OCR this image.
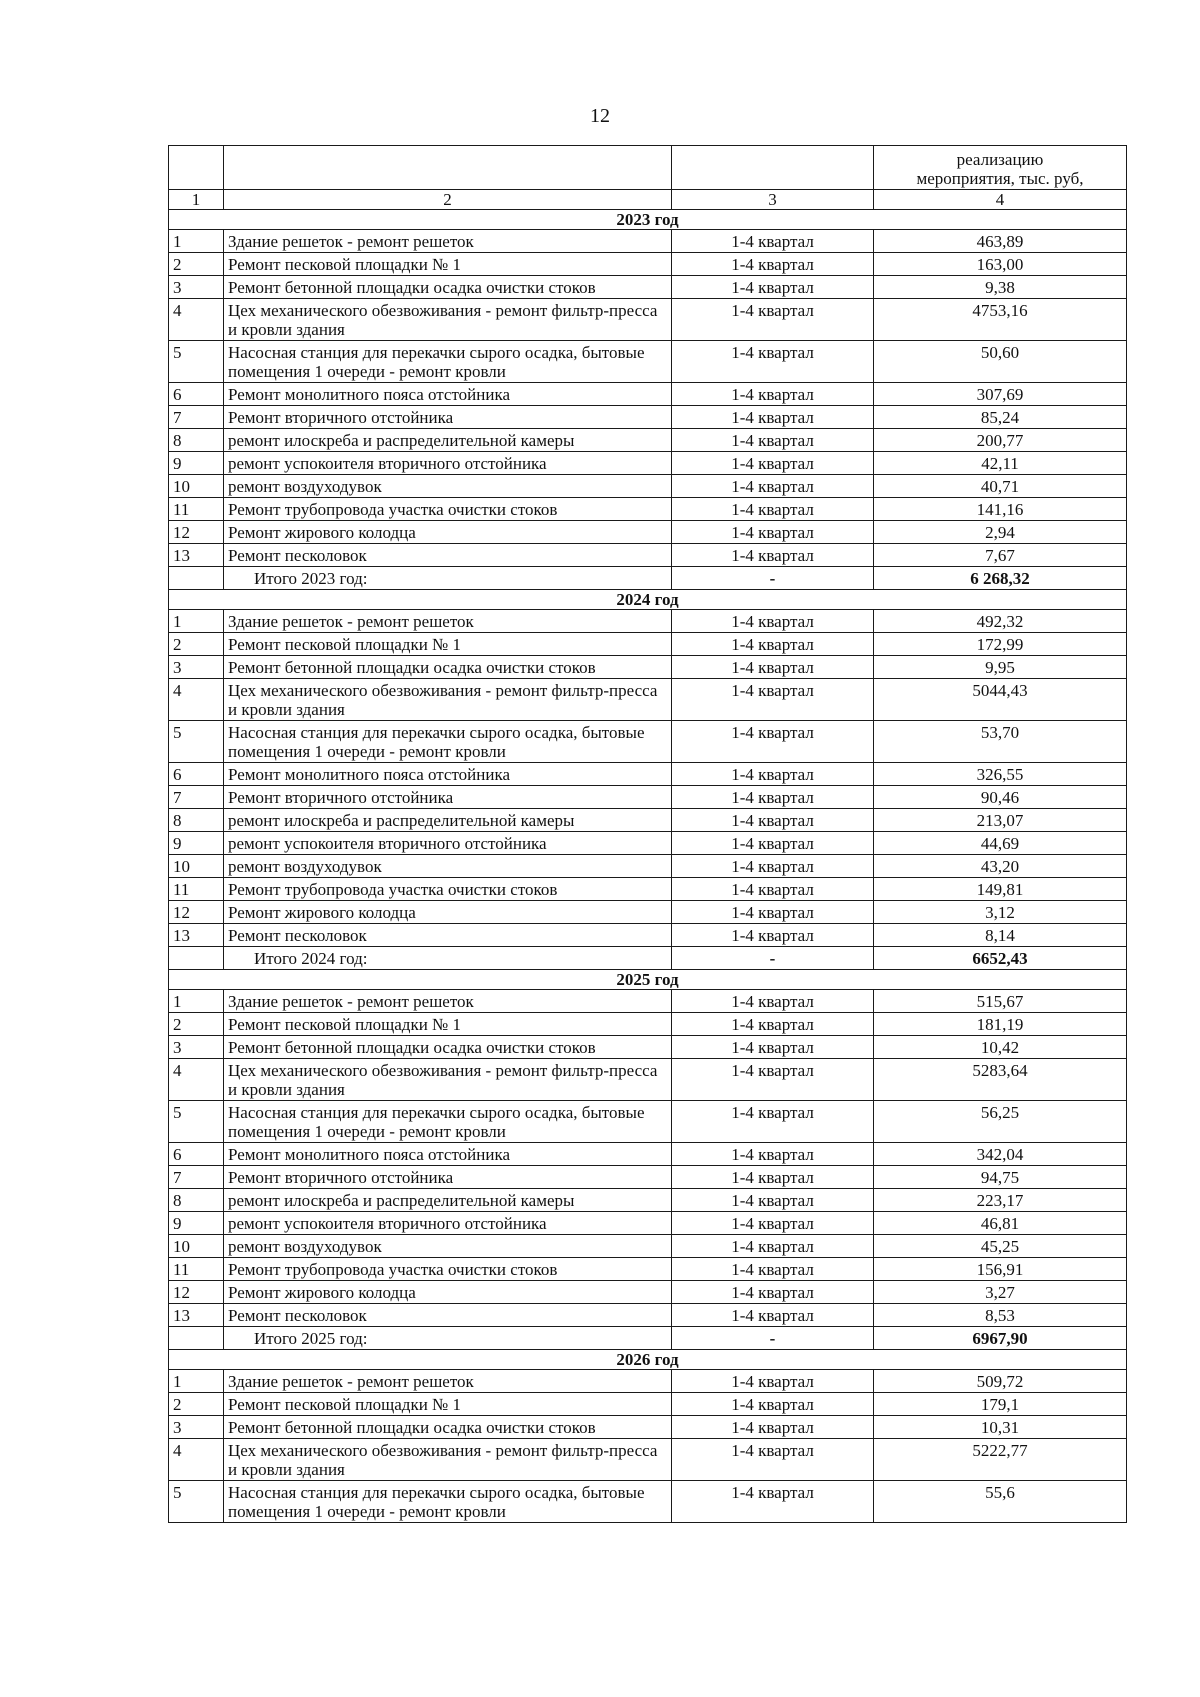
12

			реализацию
мероприятия, тыс. руб,

1	2	3	4
2023 год			
1	Здание решеток - ремонт решеток	1-4 квартал	463,89
2	Ремонт песковой площадки № 1	1-4 квартал	163,00
3	Ремонт бетонной площадки осадка очистки стоков	1-4 квартал	9,38
4	Цех механического обезвоживания - ремонт фильтр-пресса и кровли здания	1-4 квартал	4753,16
5	Насосная станция для перекачки сырого осадка, бытовые помещения 1 очереди - ремонт кровли	1-4 квартал	50,60
6	Ремонт монолитного пояса отстойника	1-4 квартал	307,69
7	Ремонт вторичного отстойника	1-4 квартал	85,24
8	ремонт илоскреба и распределительной камеры	1-4 квартал	200,77
9	ремонт успокоителя вторичного отстойника	1-4 квартал	42,11
10	ремонт воздуходувок	1-4 квартал	40,71
11	Ремонт трубопровода участка очистки стоков	1-4 квартал	141,16
12	Ремонт жирового колодца	1-4 квартал	2,94
13	Ремонт песколовок	1-4 квартал	7,67
	Итого 2023 год:	-	6 268,32
2024 год			
1	Здание решеток - ремонт решеток	1-4 квартал	492,32
2	Ремонт песковой площадки № 1	1-4 квартал	172,99
3	Ремонт бетонной площадки осадка очистки стоков	1-4 квартал	9,95
4	Цех механического обезвоживания - ремонт фильтр-пресса и кровли здания	1-4 квартал	5044,43
5	Насосная станция для перекачки сырого осадка, бытовые помещения 1 очереди - ремонт кровли	1-4 квартал	53,70
6	Ремонт монолитного пояса отстойника	1-4 квартал	326,55
7	Ремонт вторичного отстойника	1-4 квартал	90,46
8	ремонт илоскреба и распределительной камеры	1-4 квартал	213,07
9	ремонт успокоителя вторичного отстойника	1-4 квартал	44,69
10	ремонт воздуходувок	1-4 квартал	43,20
11	Ремонт трубопровода участка очистки стоков	1-4 квартал	149,81
12	Ремонт жирового колодца	1-4 квартал	3,12
13	Ремонт песколовок	1-4 квартал	8,14
	Итого 2024 год:	-	6652,43
2025 год			
1	Здание решеток - ремонт решеток	1-4 квартал	515,67
2	Ремонт песковой площадки № 1	1-4 квартал	181,19
3	Ремонт бетонной площадки осадка очистки стоков	1-4 квартал	10,42
4	Цех механического обезвоживания - ремонт фильтр-пресса и кровли здания	1-4 квартал	5283,64
5	Насосная станция для перекачки сырого осадка, бытовые помещения 1 очереди - ремонт кровли	1-4 квартал	56,25
6	Ремонт монолитного пояса отстойника	1-4 квартал	342,04
7	Ремонт вторичного отстойника	1-4 квартал	94,75
8	ремонт илоскреба и распределительной камеры	1-4 квартал	223,17
9	ремонт успокоителя вторичного отстойника	1-4 квартал	46,81
10	ремонт воздуходувок	1-4 квартал	45,25
11	Ремонт трубопровода участка очистки стоков	1-4 квартал	156,91
12	Ремонт жирового колодца	1-4 квартал	3,27
13	Ремонт песколовок	1-4 квартал	8,53
	Итого 2025 год:	-	6967,90
2026 год			
1	Здание решеток - ремонт решеток	1-4 квартал	509,72
2	Ремонт песковой площадки № 1	1-4 квартал	179,1
3	Ремонт бетонной площадки осадка очистки стоков	1-4 квартал	10,31
4	Цех механического обезвоживания - ремонт фильтр-пресса и кровли здания	1-4 квартал	5222,77
5	Насосная станция для перекачки сырого осадка, бытовые помещения 1 очереди - ремонт кровли	1-4 квартал	55,6
